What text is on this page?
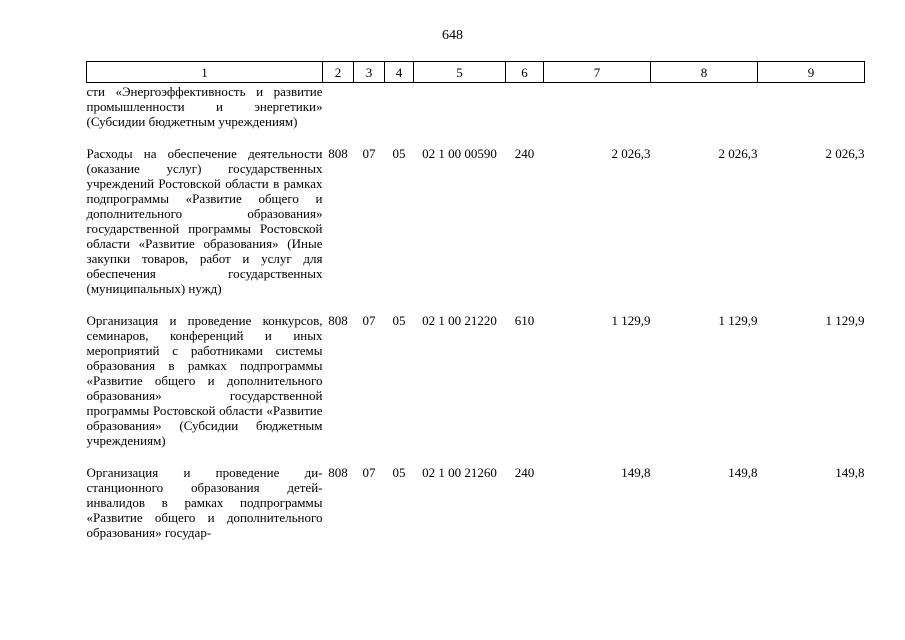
648
1	2	3	4	5	6	7	8	9
сти «Энергоэффективность и развитие промышленности и энергетики» (Субсидии бюджетным учреждениям)								
Расходы на обеспечение деятельности (оказание услуг) государственных учреждений Ростовской области в рамках подпрограммы «Развитие общего и дополнительного образования» государственной программы Ростовской области «Развитие образования» (Иные закупки товаров, работ и услуг для обеспечения государственных (муниципальных) нужд)	808	07	05	02 1 00 00590	240	2 026,3	2 026,3	2 026,3
Организация и проведение конкурсов, семинаров, конференций и иных мероприятий с работниками системы образования в рамках подпрограммы «Развитие общего и дополнительного образования» государственной программы Ростовской области «Развитие образования» (Субсидии бюджетным учреждениям)	808	07	05	02 1 00 21220	610	1 129,9	1 129,9	1 129,9
Организация и проведение дистанционного образования детей-инвалидов в рамках подпрограммы «Развитие общего и дополнительного образования» государ-	808	07	05	02 1 00 21260	240	149,8	149,8	149,8
